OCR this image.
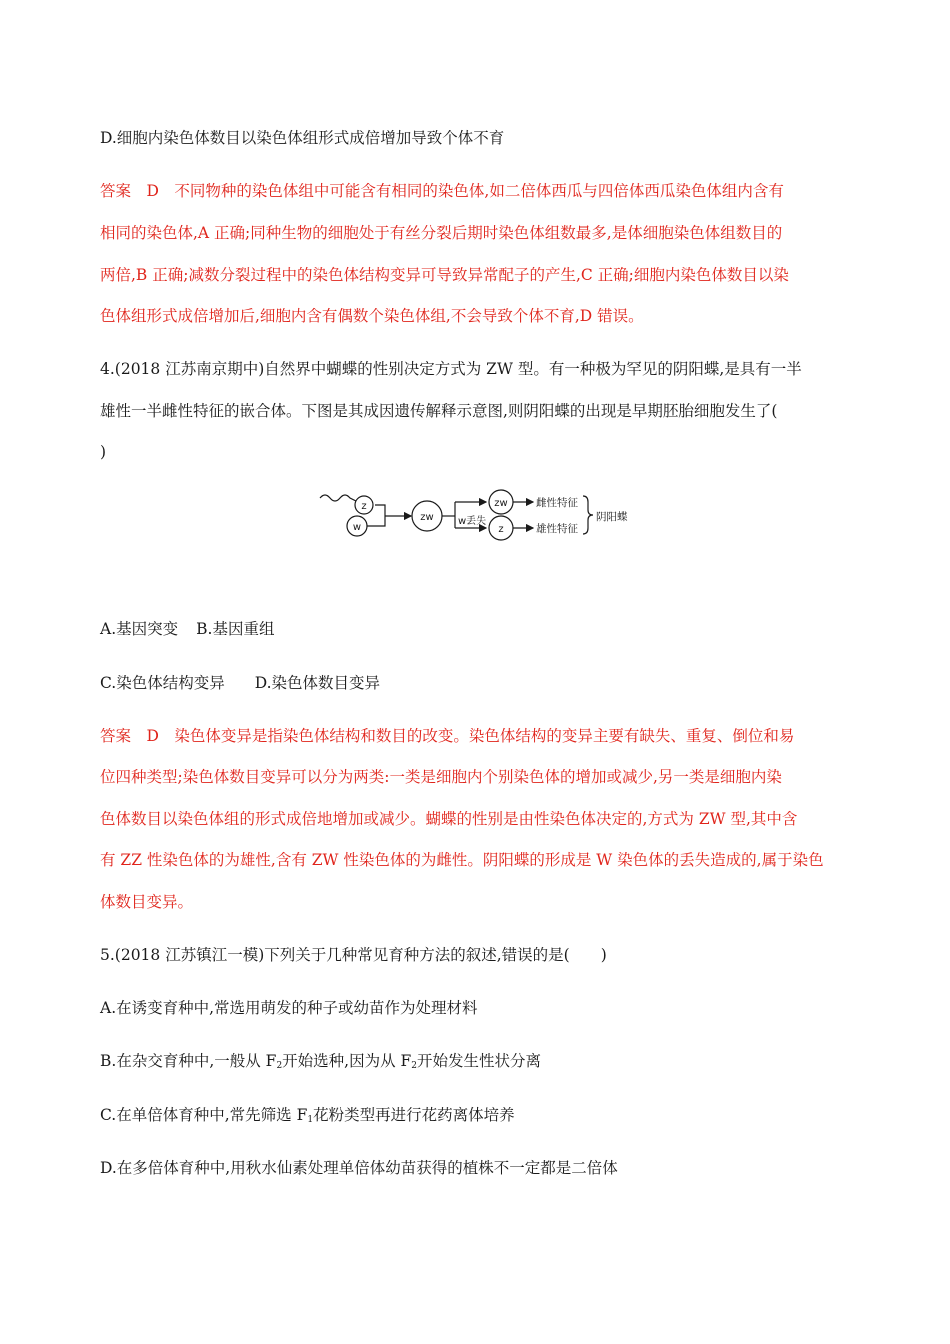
D.细胞内染色体数目以染色体组形式成倍增加导致个体不育
答案　D　不同物种的染色体组中可能含有相同的染色体,如二倍体西瓜与四倍体西瓜染色体组内含有
相同的染色体,A 正确;同种生物的细胞处于有丝分裂后期时染色体组数最多,是体细胞染色体组数目的
两倍,B 正确;减数分裂过程中的染色体结构变异可导致异常配子的产生,C 正确;细胞内染色体数目以染
色体组形式成倍增加后,细胞内含有偶数个染色体组,不会导致个体不育,D 错误。
4.(2018 江苏南京期中)自然界中蝴蝶的性别决定方式为 ZW 型。有一种极为罕见的阴阳蝶,是具有一半
雄性一半雌性特征的嵌合体。下图是其成因遗传解释示意图,则阴阳蝶的出现是早期胚胎细胞发生了(
)
z
w
zw w丢失
zw
z
雌性特征
雄性特征
阴阳蝶
A.基因突变 B.基因重组
C.染色体结构变异 D.染色体数目变异
答案　D　染色体变异是指染色体结构和数目的改变。染色体结构的变异主要有缺失、重复、倒位和易
位四种类型;染色体数目变异可以分为两类:一类是细胞内个别染色体的增加或减少,另一类是细胞内染
色体数目以染色体组的形式成倍地增加或减少。蝴蝶的性别是由性染色体决定的,方式为 ZW 型,其中含
有 ZZ 性染色体的为雄性,含有 ZW 性染色体的为雌性。阴阳蝶的形成是 W 染色体的丢失造成的,属于染色
体数目变异。
5.(2018 江苏镇江一模)下列关于几种常见育种方法的叙述,错误的是(　　)
A.在诱变育种中,常选用萌发的种子或幼苗作为处理材料
B.在杂交育种中,一般从 $F_2$开始选种,因为从 $F_2$开始发生性状分离
C.在单倍体育种中,常先筛选 $F_1$花粉类型再进行花药离体培养
D.在多倍体育种中,用秋水仙素处理单倍体幼苗获得的植株不一定都是二倍体
